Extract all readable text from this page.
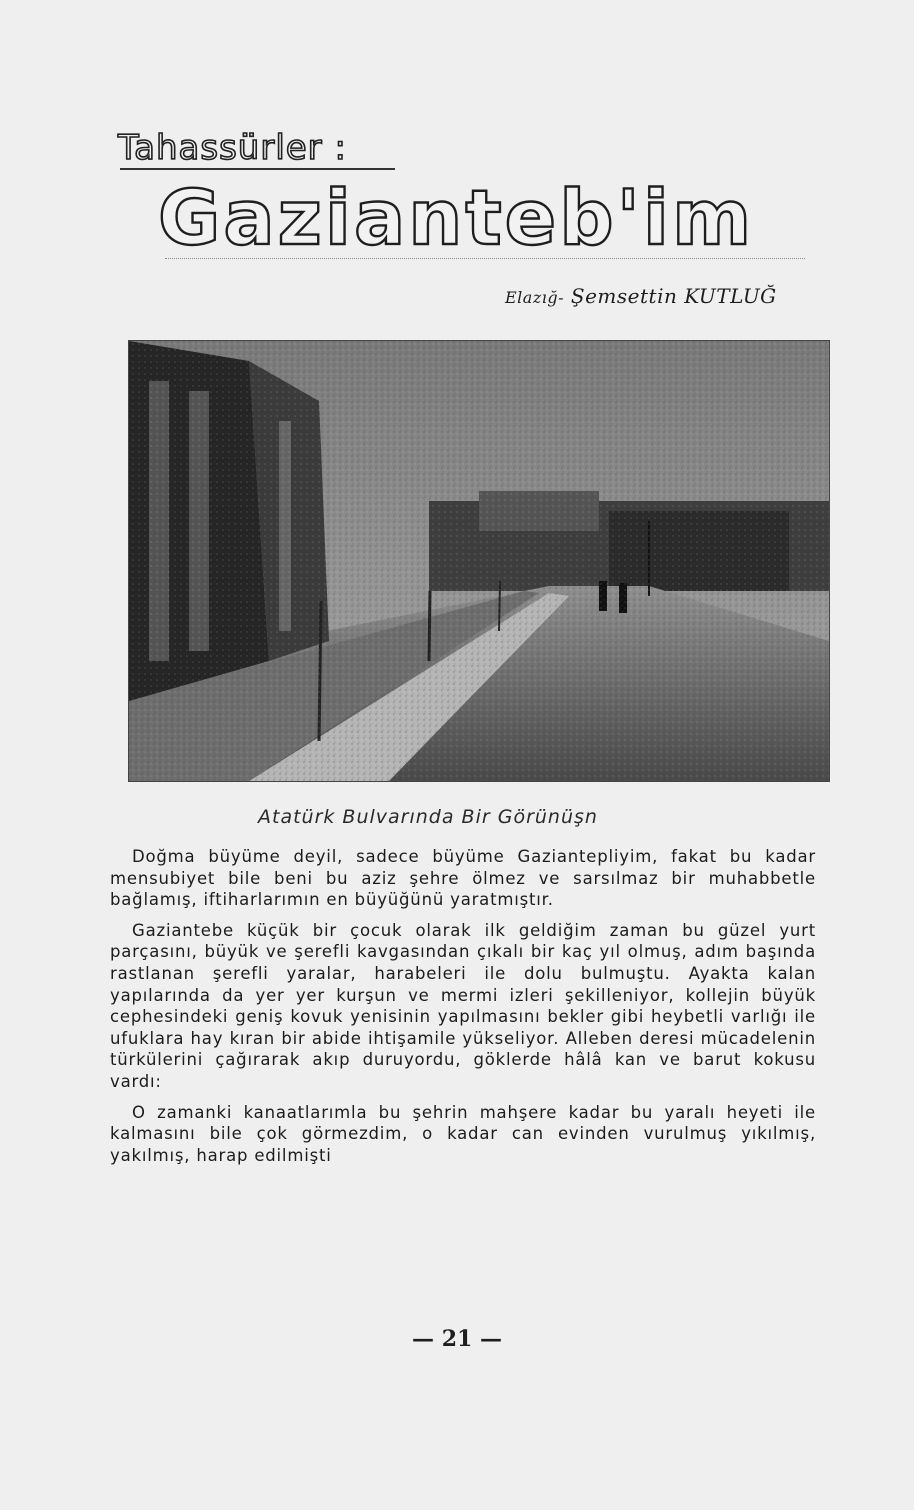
Tahassürler :
Gazianteb'im
Elazığ- Şemsettin KUTLUĞ
Atatürk Bulvarında Bir Görünüşn

Doğma büyüme deyil, sadece büyüme Gaziantepliyim, fakat bu kadar mensubiyet bile beni bu aziz şehre ölmez ve sarsılmaz bir muhabbetle bağlamış, iftiharlarımın en büyüğünü yaratmıştır.

Gaziantebe küçük bir çocuk olarak ilk geldiğim zaman bu güzel yurt parçasını, büyük ve şerefli kavgasından çıkalı bir kaç yıl olmuş, adım başında rastlanan şerefli yaralar, harabeleri ile dolu bulmuştu. Ayakta kalan yapılarında da yer yer kurşun ve mermi izleri şekilleniyor, kollejin büyük cephesindeki geniş kovuk yenisinin yapılmasını bekler gibi heybetli varlığı ile ufuklara hay kıran bir abide ihtişamile yükseliyor. Alleben deresi mücadelenin türkülerini çağırarak akıp duruyordu, göklerde hâlâ kan ve barut kokusu vardı:

O zamanki kanaatlarımla bu şehrin mahşere kadar bu yaralı heyeti ile kalmasını bile çok görmezdim, o kadar can evinden vurulmuş yıkılmış, yakılmış, harap edilmişti

— 21 —
